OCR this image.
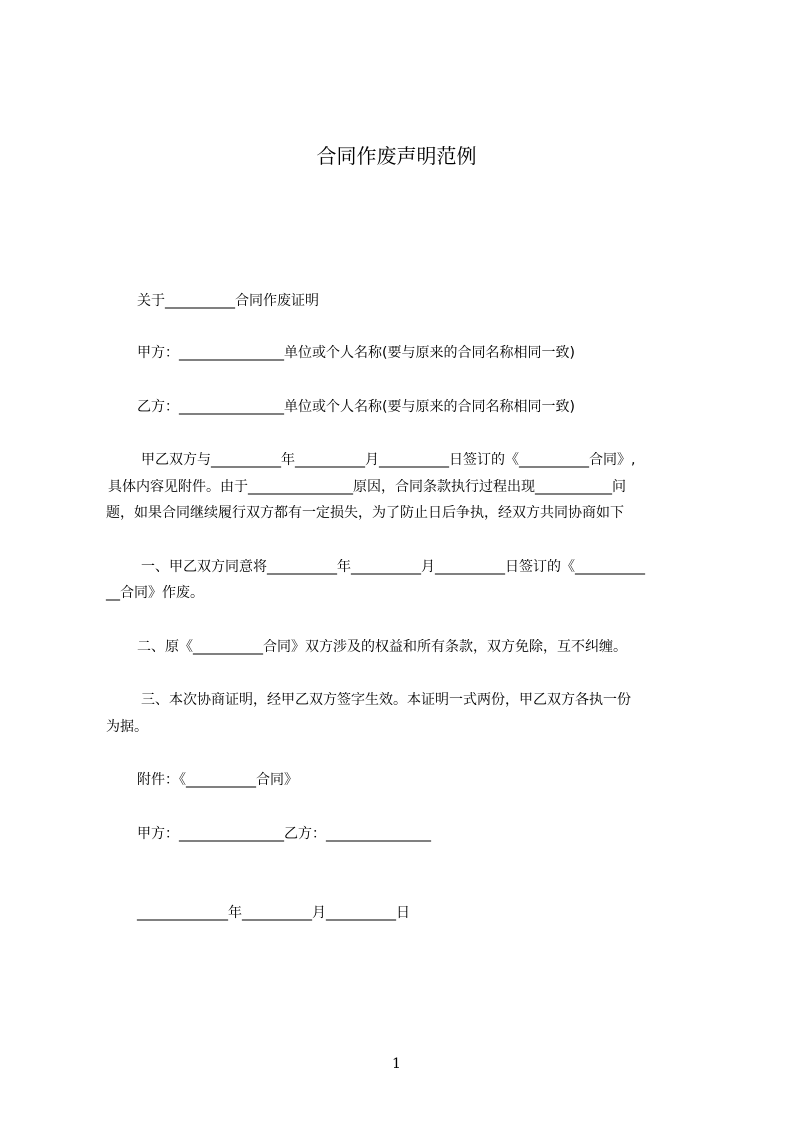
合同作废声明范例
关于__________合同作废证明
甲方：_______________单位或个人名称(要与原来的合同名称相同一致)
乙方：_______________单位或个人名称(要与原来的合同名称相同一致)
甲乙双方与__________年__________月__________日签订的《__________合同》,
具体内容见附件。由于_______________原因，合同条款执行过程出现___________问
题，如果合同继续履行双方都有一定损失，为了防止日后争执，经双方共同协商如下
一、甲乙双方同意将__________年__________月__________日签订的《__________
__合同》作废。
二、原《__________合同》双方涉及的权益和所有条款，双方免除，互不纠缠。
三、本次协商证明，经甲乙双方签字生效。本证明一式两份，甲乙双方各执一份
为据。
附件：《__________合同》
甲方：_______________乙方：_______________
_____________年__________月__________日
1
